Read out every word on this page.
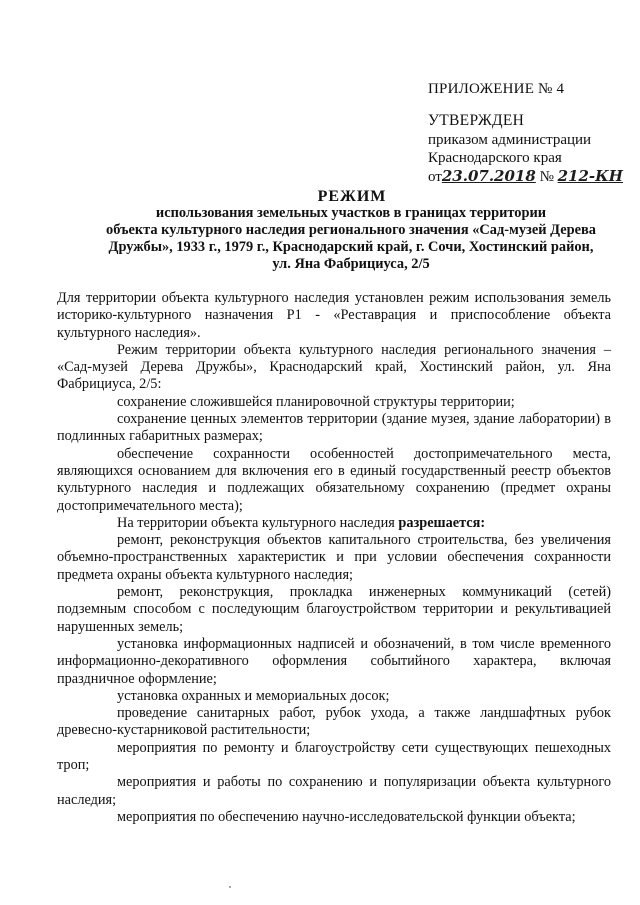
ПРИЛОЖЕНИЕ № 4
УТВЕРЖДЕН
приказом администрации
Краснодарского края
от23.07.2018 № 212-КН
РЕЖИМ
использования земельных участков в границах территории
объекта культурного наследия регионального значения «Сад-музей Дерева
Дружбы», 1933 г., 1979 г., Краснодарский край, г. Сочи, Хостинский район,
ул. Яна Фабрициуса, 2/5

Для территории объекта культурного наследия установлен режим использования земель историко-культурного назначения Р1 - «Реставрация и приспособление объекта культурного наследия».

Режим территории объекта культурного наследия регионального значения – «Сад-музей Дерева Дружбы», Краснодарский край, Хостинский район, ул. Яна Фабрициуса, 2/5:

сохранение сложившейся планировочной структуры территории;

сохранение ценных элементов территории (здание музея, здание лаборатории) в подлинных габаритных размерах;

обеспечение сохранности особенностей достопримечательного места, являющихся основанием для включения его в единый государственный реестр объектов культурного наследия и подлежащих обязательному сохранению (предмет охраны достопримечательного места);

На территории объекта культурного наследия разрешается:

ремонт, реконструкция объектов капитального строительства, без увеличения объемно-пространственных характеристик и при условии обеспечения сохранности предмета охраны объекта культурного наследия;

ремонт, реконструкция, прокладка инженерных коммуникаций (сетей) подземным способом с последующим благоустройством территории и рекультивацией нарушенных земель;

установка информационных надписей и обозначений, в том числе временного информационно-декоративного оформления событийного характера, включая праздничное оформление;

установка охранных и мемориальных досок;

проведение санитарных работ, рубок ухода, а также ландшафтных рубок древесно-кустарниковой растительности;

мероприятия по ремонту и благоустройству сети существующих пешеходных троп;

мероприятия и работы по сохранению и популяризации объекта культурного наследия;

мероприятия по обеспечению научно-исследовательской функции объекта;
